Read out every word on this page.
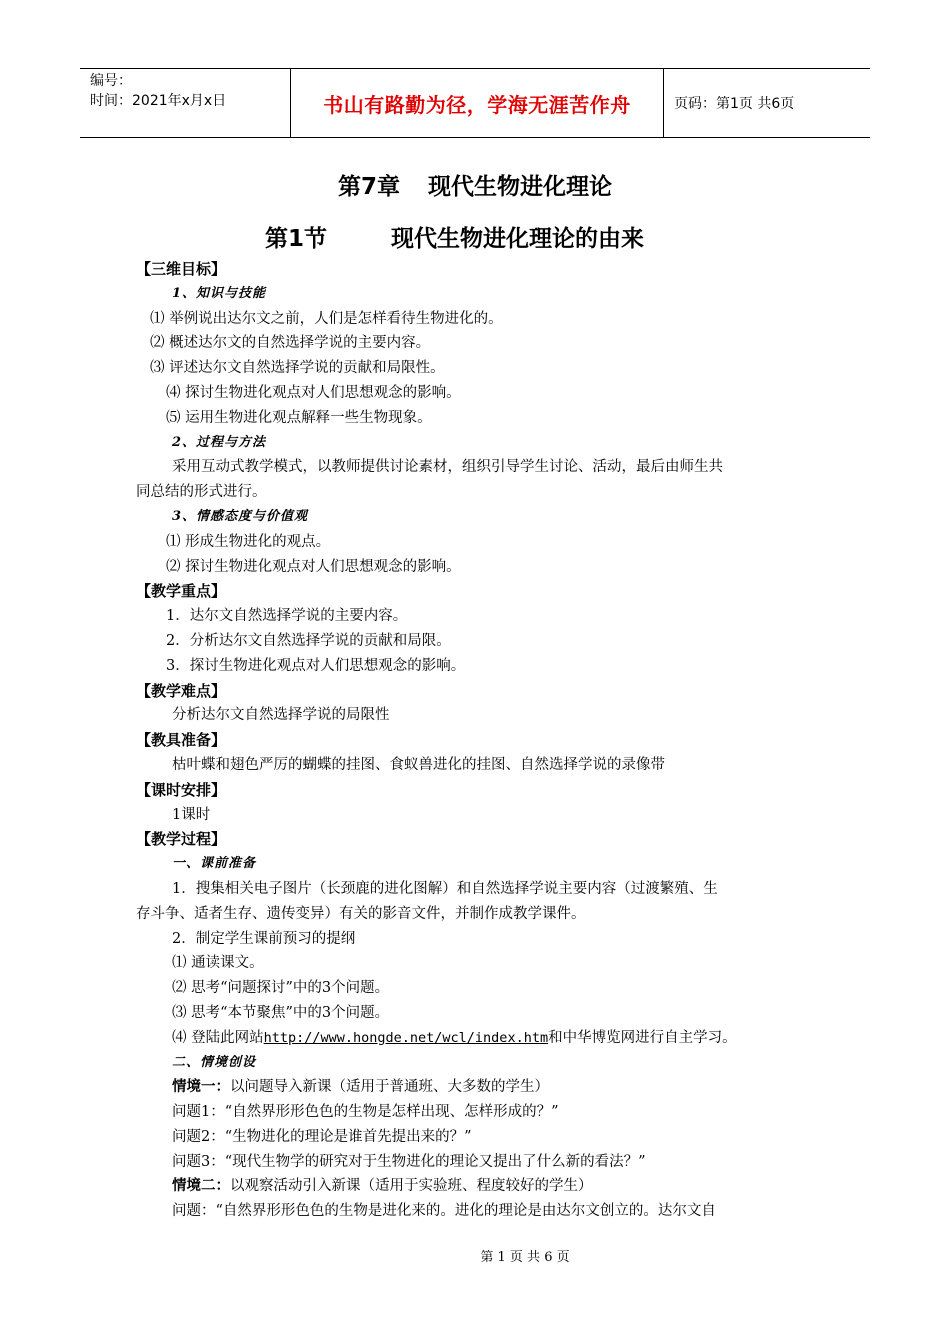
编号：
时间：2021年x月x日	书山有路勤为径，学海无涯苦作舟	页码：第1页 共6页
第7章 现代生物进化理论
第1节	现代生物进化理论的由来
【三维目标】
1、知识与技能
⑴ 举例说出达尔文之前，人们是怎样看待生物进化的。
⑵ 概述达尔文的自然选择学说的主要内容。
⑶ 评述达尔文自然选择学说的贡献和局限性。
⑷ 探讨生物进化观点对人们思想观念的影响。
⑸ 运用生物进化观点解释一些生物现象。
2、过程与方法
采用互动式教学模式，以教师提供讨论素材，组织引导学生讨论、活动，最后由师生共
同总结的形式进行。
3、情感态度与价值观
⑴ 形成生物进化的观点。
⑵ 探讨生物进化观点对人们思想观念的影响。
【教学重点】
1．达尔文自然选择学说的主要内容。
2．分析达尔文自然选择学说的贡献和局限。
3．探讨生物进化观点对人们思想观念的影响。
【教学难点】
分析达尔文自然选择学说的局限性
【教具准备】
枯叶蝶和翅色严厉的蝴蝶的挂图、食蚁兽进化的挂图、自然选择学说的录像带
【课时安排】
1课时
【教学过程】
一、课前准备
1．搜集相关电子图片（长颈鹿的进化图解）和自然选择学说主要内容（过渡繁殖、生
存斗争、适者生存、遗传变异）有关的影音文件，并制作成教学课件。
2．制定学生课前预习的提纲
⑴ 通读课文。
⑵ 思考“问题探讨”中的3个问题。
⑶ 思考“本节聚焦”中的3个问题。
⑷ 登陆此网站http://www.hongde.net/wcl/index.htm和中华博览网进行自主学习。
二、情境创设
情境一：以问题导入新课（适用于普通班、大多数的学生）
问题1：“自然界形形色色的生物是怎样出现、怎样形成的？”
问题2：“生物进化的理论是谁首先提出来的？”
问题3：“现代生物学的研究对于生物进化的理论又提出了什么新的看法？”
情境二：以观察活动引入新课（适用于实验班、程度较好的学生）
问题：“自然界形形色色的生物是进化来的。进化的理论是由达尔文创立的。达尔文自
第 1 页 共 6 页
